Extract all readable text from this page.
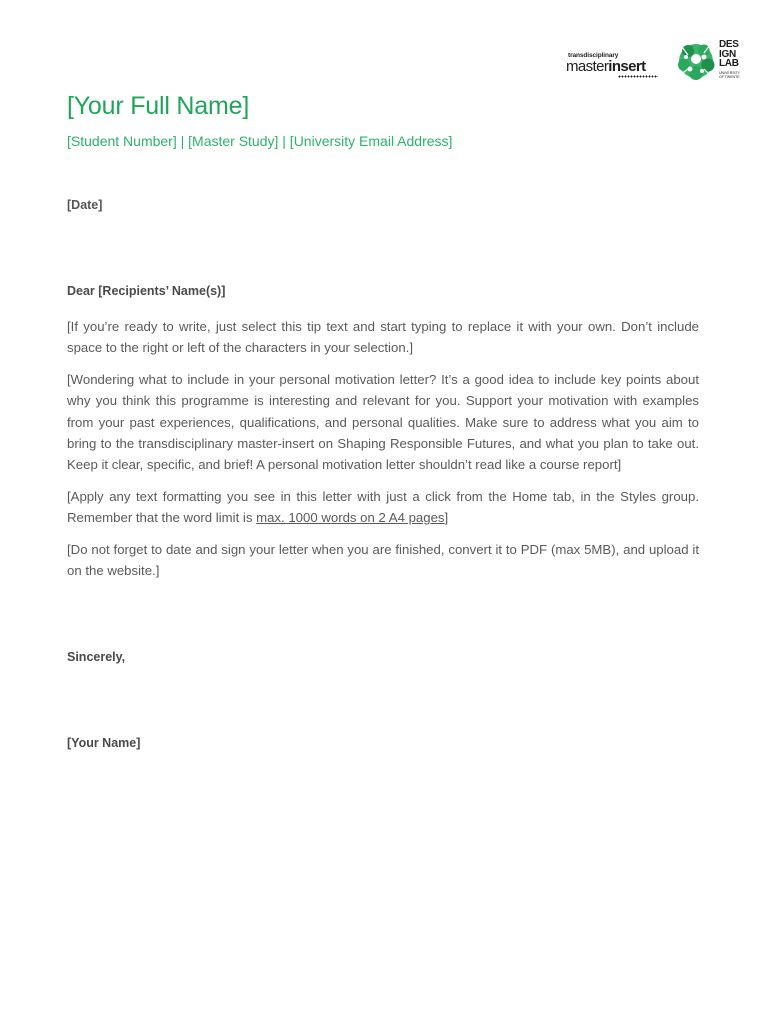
transdisciplinary
masterinsert
DES
IGN
LAB
UNIVERSITY OF TWENTE
[Your Full Name]
[Student Number] | [Master Study] | [University Email Address]
[Date]
Dear [Recipients’ Name(s)]

[If you’re ready to write, just select this tip text and start typing to replace it with your own. Don’t include space to the right or left of the characters in your selection.]

[Wondering what to include in your personal motivation letter? It’s a good idea to include key points about why you think this programme is interesting and relevant for you. Support your motivation with examples from your past experiences, qualifications, and personal qualities. Make sure to address what you aim to bring to the transdisciplinary master-insert on Shaping Responsible Futures, and what you plan to take out. Keep it clear, specific, and brief! A personal motivation letter shouldn’t read like a course report]

[Apply any text formatting you see in this letter with just a click from the Home tab, in the Styles group. Remember that the word limit is max. 1000 words on 2 A4 pages]

[Do not forget to date and sign your letter when you are finished, convert it to PDF (max 5MB), and upload it on the website.]

Sincerely,
[Your Name]
